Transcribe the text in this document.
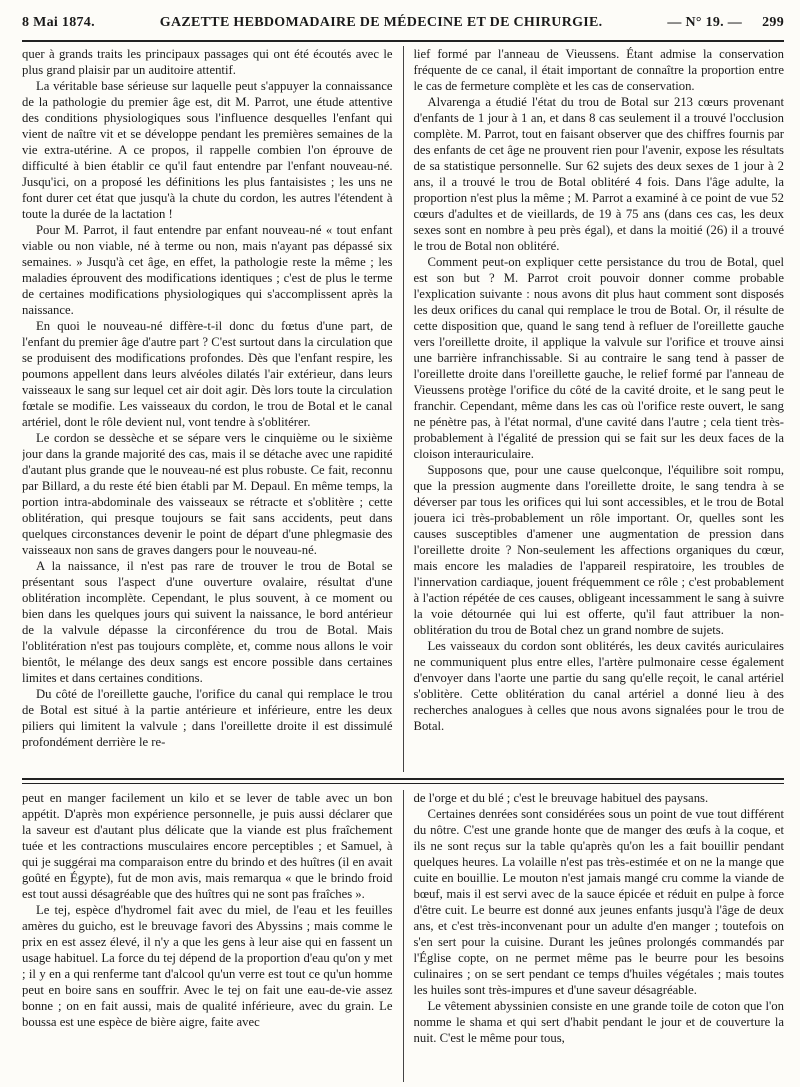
8 Mai 1874.	GAZETTE HEBDOMADAIRE DE MÉDECINE ET DE CHIRURGIE.	— N° 19. — 299

quer à grands traits les principaux passages qui ont été écoutés avec le plus grand plaisir par un auditoire attentif.

La véritable base sérieuse sur laquelle peut s'appuyer la connaissance de la pathologie du premier âge est, dit M. Parrot, une étude attentive des conditions physiologiques sous l'influence desquelles l'enfant qui vient de naître vit et se développe pendant les premières semaines de la vie extra-utérine. A ce propos, il rappelle combien l'on éprouve de difficulté à bien établir ce qu'il faut entendre par l'enfant nouveau-né. Jusqu'ici, on a proposé les définitions les plus fantaisistes ; les uns ne font durer cet état que jusqu'à la chute du cordon, les autres l'étendent à toute la durée de la lactation !

Pour M. Parrot, il faut entendre par enfant nouveau-né « tout enfant viable ou non viable, né à terme ou non, mais n'ayant pas dépassé six semaines. » Jusqu'à cet âge, en effet, la pathologie reste la même ; les maladies éprouvent des modifications identiques ; c'est de plus le terme de certaines modifications physiologiques qui s'accomplissent après la naissance.

En quoi le nouveau-né diffère-t-il donc du fœtus d'une part, de l'enfant du premier âge d'autre part ? C'est surtout dans la circulation que se produisent des modifications profondes. Dès que l'enfant respire, les poumons appellent dans leurs alvéoles dilatés l'air extérieur, dans leurs vaisseaux le sang sur lequel cet air doit agir. Dès lors toute la circulation fœtale se modifie. Les vaisseaux du cordon, le trou de Botal et le canal artériel, dont le rôle devient nul, vont tendre à s'oblitérer.

Le cordon se dessèche et se sépare vers le cinquième ou le sixième jour dans la grande majorité des cas, mais il se détache avec une rapidité d'autant plus grande que le nouveau-né est plus robuste. Ce fait, reconnu par Billard, a du reste été bien établi par M. Depaul. En même temps, la portion intra-abdominale des vaisseaux se rétracte et s'oblitère ; cette oblitération, qui presque toujours se fait sans accidents, peut dans quelques circonstances devenir le point de départ d'une phlegmasie des vaisseaux non sans de graves dangers pour le nouveau-né.

A la naissance, il n'est pas rare de trouver le trou de Botal se présentant sous l'aspect d'une ouverture ovalaire, résultat d'une oblitération incomplète. Cependant, le plus souvent, à ce moment ou bien dans les quelques jours qui suivent la naissance, le bord antérieur de la valvule dépasse la circonférence du trou de Botal. Mais l'oblitération n'est pas toujours complète, et, comme nous allons le voir bientôt, le mélange des deux sangs est encore possible dans certaines limites et dans certaines conditions.

Du côté de l'oreillette gauche, l'orifice du canal qui remplace le trou de Botal est situé à la partie antérieure et inférieure, entre les deux piliers qui limitent la valvule ; dans l'oreillette droite il est dissimulé profondément derrière le re-

lief formé par l'anneau de Vieussens. Étant admise la conservation fréquente de ce canal, il était important de connaître la proportion entre le cas de fermeture complète et les cas de conservation.

Alvarenga a étudié l'état du trou de Botal sur 213 cœurs provenant d'enfants de 1 jour à 1 an, et dans 8 cas seulement il a trouvé l'occlusion complète. M. Parrot, tout en faisant observer que des chiffres fournis par des enfants de cet âge ne prouvent rien pour l'avenir, expose les résultats de sa statistique personnelle. Sur 62 sujets des deux sexes de 1 jour à 2 ans, il a trouvé le trou de Botal oblitéré 4 fois. Dans l'âge adulte, la proportion n'est plus la même ; M. Parrot a examiné à ce point de vue 52 cœurs d'adultes et de vieillards, de 19 à 75 ans (dans ces cas, les deux sexes sont en nombre à peu près égal), et dans la moitié (26) il a trouvé le trou de Botal non oblitéré.

Comment peut-on expliquer cette persistance du trou de Botal, quel est son but ? M. Parrot croit pouvoir donner comme probable l'explication suivante : nous avons dit plus haut comment sont disposés les deux orifices du canal qui remplace le trou de Botal. Or, il résulte de cette disposition que, quand le sang tend à refluer de l'oreillette gauche vers l'oreillette droite, il applique la valvule sur l'orifice et trouve ainsi une barrière infranchissable. Si au contraire le sang tend à passer de l'oreillette droite dans l'oreillette gauche, le relief formé par l'anneau de Vieussens protège l'orifice du côté de la cavité droite, et le sang peut le franchir. Cependant, même dans les cas où l'orifice reste ouvert, le sang ne pénètre pas, à l'état normal, d'une cavité dans l'autre ; cela tient très-probablement à l'égalité de pression qui se fait sur les deux faces de la cloison interauriculaire.

Supposons que, pour une cause quelconque, l'équilibre soit rompu, que la pression augmente dans l'oreillette droite, le sang tendra à se déverser par tous les orifices qui lui sont accessibles, et le trou de Botal jouera ici très-probablement un rôle important. Or, quelles sont les causes susceptibles d'amener une augmentation de pression dans l'oreillette droite ? Non-seulement les affections organiques du cœur, mais encore les maladies de l'appareil respiratoire, les troubles de l'innervation cardiaque, jouent fréquemment ce rôle ; c'est probablement à l'action répétée de ces causes, obligeant incessamment le sang à suivre la voie détournée qui lui est offerte, qu'il faut attribuer la non-oblitération du trou de Botal chez un grand nombre de sujets.

Les vaisseaux du cordon sont oblitérés, les deux cavités auriculaires ne communiquent plus entre elles, l'artère pulmonaire cesse également d'envoyer dans l'aorte une partie du sang qu'elle reçoit, le canal artériel s'oblitère. Cette oblitération du canal artériel a donné lieu à des recherches analogues à celles que nous avons signalées pour le trou de Botal.

peut en manger facilement un kilo et se lever de table avec un bon appétit. D'après mon expérience personnelle, je puis aussi déclarer que la saveur est d'autant plus délicate que la viande est plus fraîchement tuée et les contractions musculaires encore perceptibles ; et Samuel, à qui je suggérai ma comparaison entre du brindo et des huîtres (il en avait goûté en Égypte), fut de mon avis, mais remarqua « que le brindo froid est tout aussi désagréable que des huîtres qui ne sont pas fraîches ».

Le tej, espèce d'hydromel fait avec du miel, de l'eau et les feuilles amères du guicho, est le breuvage favori des Abyssins ; mais comme le prix en est assez élevé, il n'y a que les gens à leur aise qui en fassent un usage habituel. La force du tej dépend de la proportion d'eau qu'on y met ; il y en a qui renferme tant d'alcool qu'un verre est tout ce qu'un homme peut en boire sans en souffrir. Avec le tej on fait une eau-de-vie assez bonne ; on en fait aussi, mais de qualité inférieure, avec du grain. Le boussa est une espèce de bière aigre, faite avec

de l'orge et du blé ; c'est le breuvage habituel des paysans.

Certaines denrées sont considérées sous un point de vue tout différent du nôtre. C'est une grande honte que de manger des œufs à la coque, et ils ne sont reçus sur la table qu'après qu'on les a fait bouillir pendant quelques heures. La volaille n'est pas très-estimée et on ne la mange que cuite en bouillie. Le mouton n'est jamais mangé cru comme la viande de bœuf, mais il est servi avec de la sauce épicée et réduit en pulpe à force d'être cuit. Le beurre est donné aux jeunes enfants jusqu'à l'âge de deux ans, et c'est très-inconvenant pour un adulte d'en manger ; toutefois on s'en sert pour la cuisine. Durant les jeûnes prolongés commandés par l'Église copte, on ne permet même pas le beurre pour les besoins culinaires ; on se sert pendant ce temps d'huiles végétales ; mais toutes les huiles sont très-impures et d'une saveur désagréable.

Le vêtement abyssinien consiste en une grande toile de coton que l'on nomme le shama et qui sert d'habit pendant le jour et de couverture la nuit. C'est le même pour tous,
